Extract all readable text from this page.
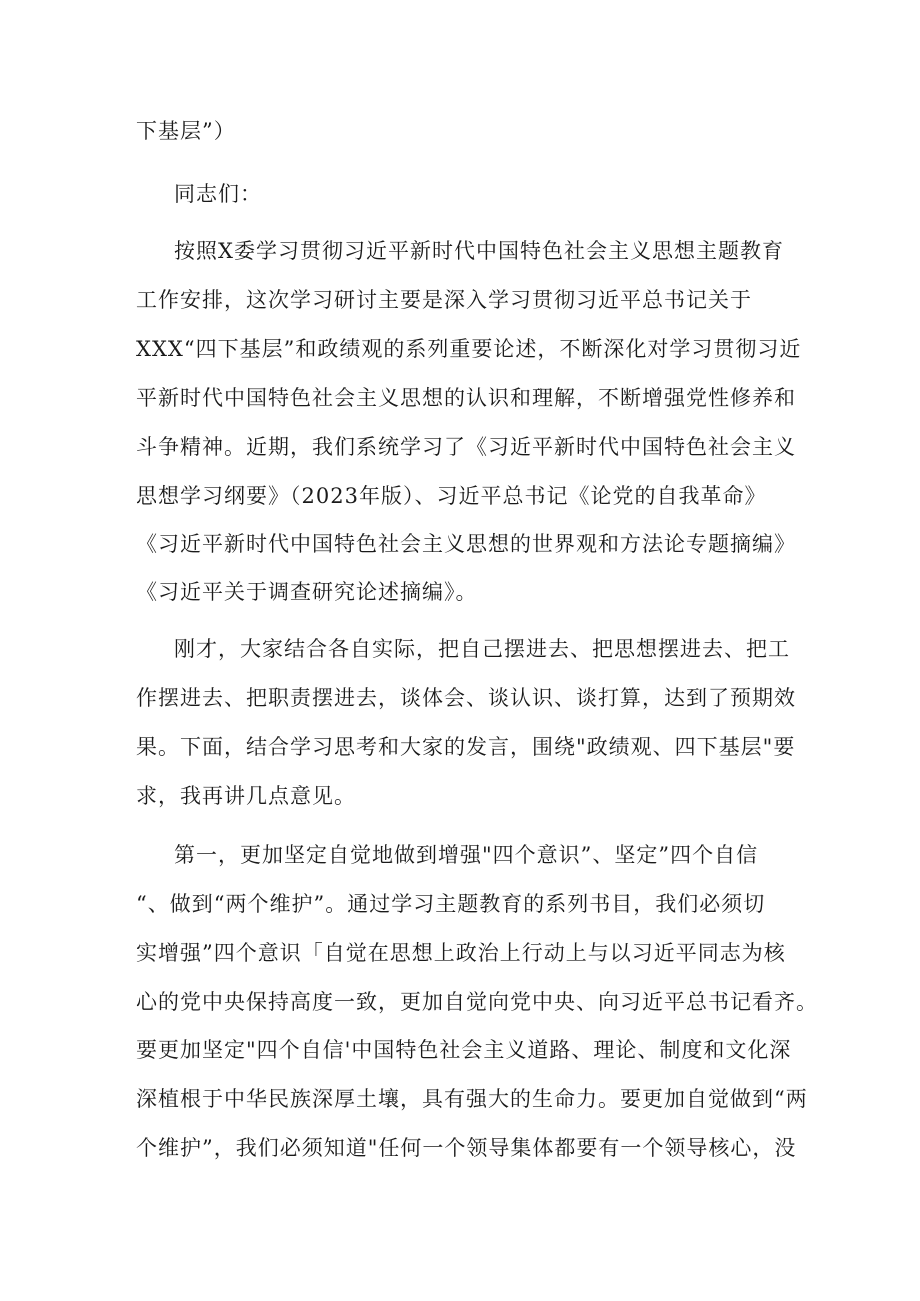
下基层”）
同志们：
按照X委学习贯彻习近平新时代中国特色社会主义思想主题教育
工作安排，这次学习研讨主要是深入学习贯彻习近平总书记关于
XXX“四下基层”和政绩观的系列重要论述，不断深化对学习贯彻习近
平新时代中国特色社会主义思想的认识和理解，不断增强党性修养和
斗争精神。近期，我们系统学习了《习近平新时代中国特色社会主义
思想学习纲要》（2023年版）、习近平总书记《论党的自我革命》
《习近平新时代中国特色社会主义思想的世界观和方法论专题摘编》
《习近平关于调查研究论述摘编》。
刚才，大家结合各自实际，把自己摆进去、把思想摆进去、把工
作摆进去、把职责摆进去，谈体会、谈认识、谈打算，达到了预期效
果。下面，结合学习思考和大家的发言，围绕"政绩观、四下基层"要
求，我再讲几点意见。
第一，更加坚定自觉地做到增强"四个意识”、坚定”四个自信
“、做到“两个维护”。通过学习主题教育的系列书目，我们必须切
实增强”四个意识「自觉在思想上政治上行动上与以习近平同志为核
心的党中央保持高度一致，更加自觉向党中央、向习近平总书记看齐。
要更加坚定"四个自信'中国特色社会主义道路、理论、制度和文化深
深植根于中华民族深厚土壤，具有强大的生命力。要更加自觉做到“两
个维护”，我们必须知道"任何一个领导集体都要有一个领导核心，没
